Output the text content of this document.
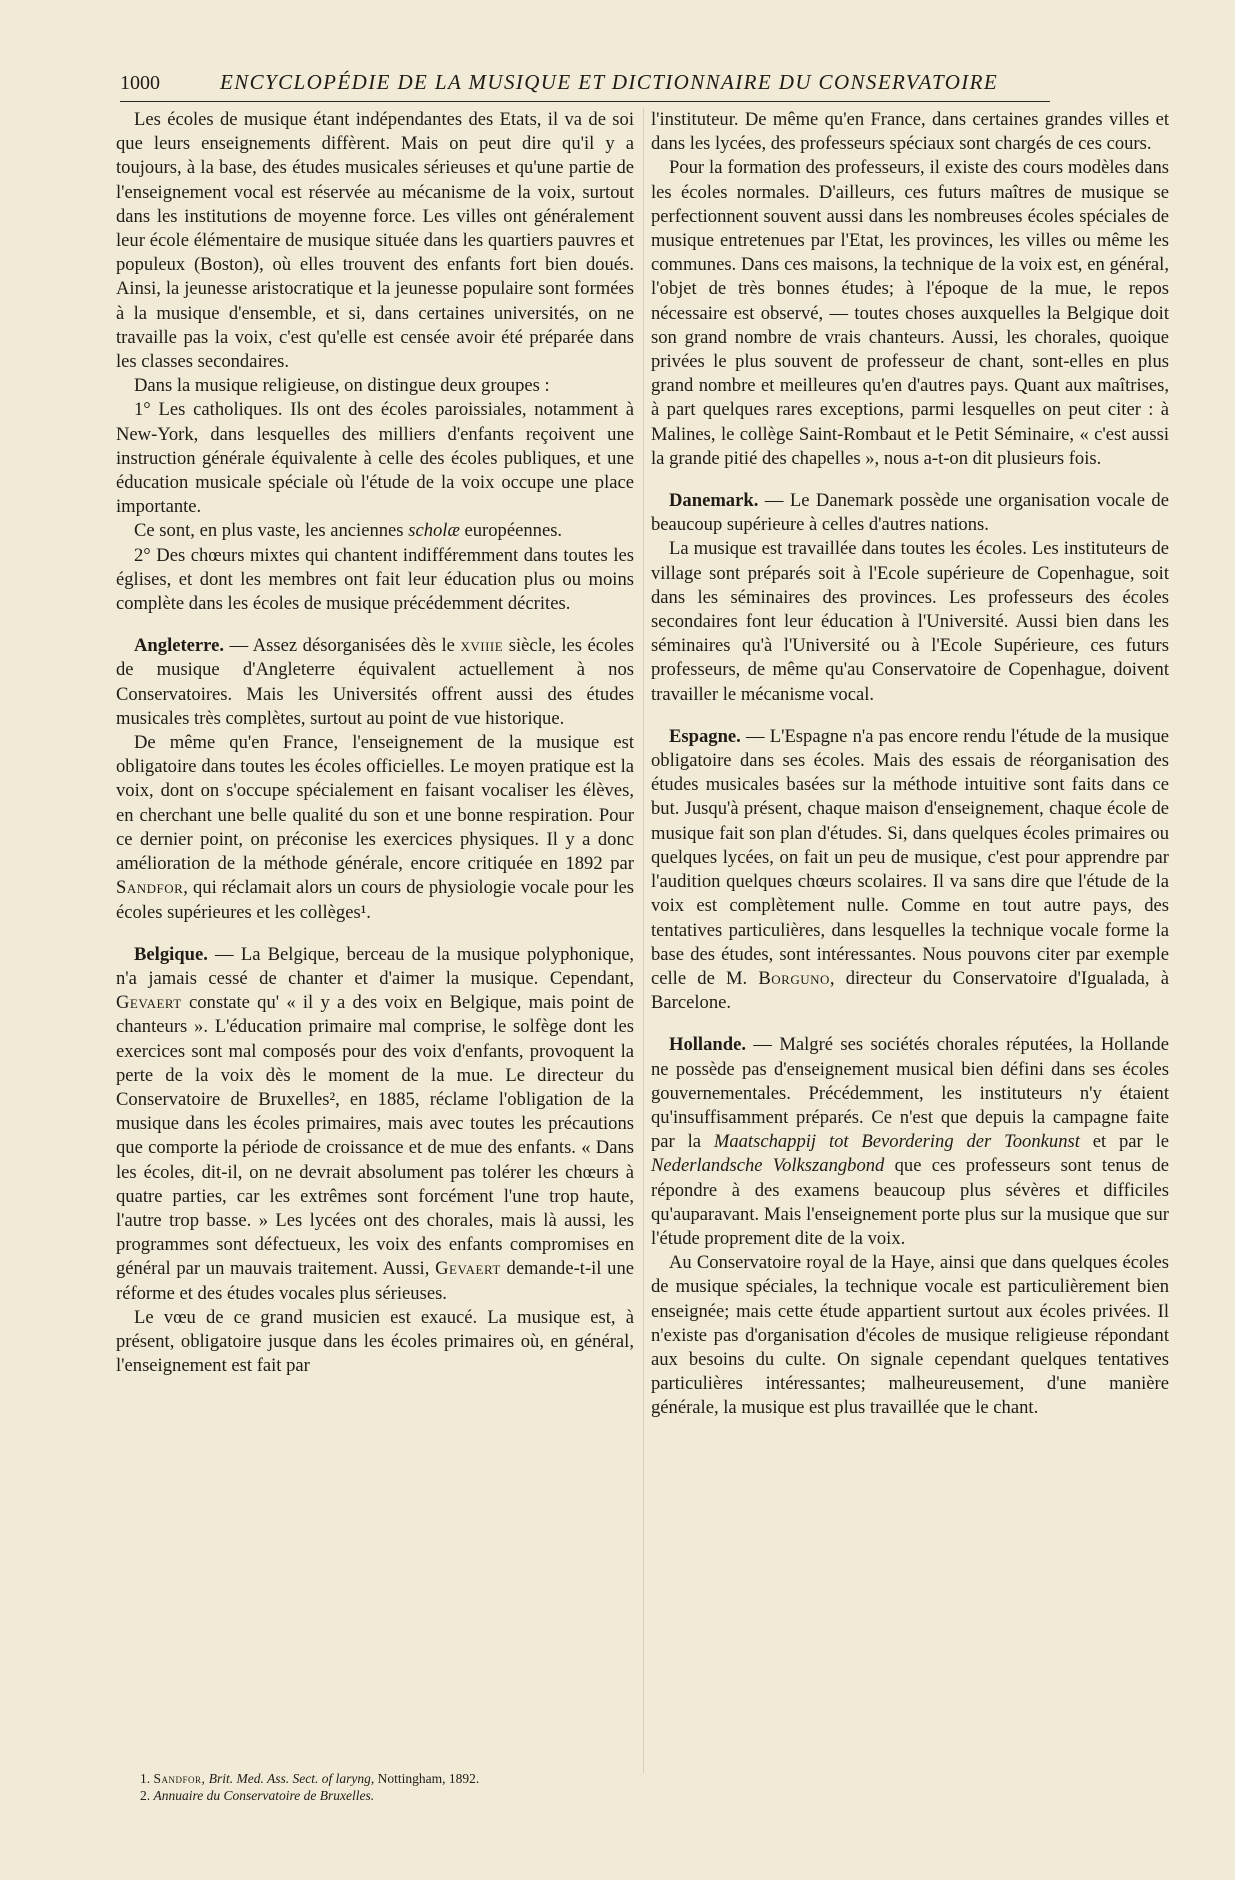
1000	ENCYCLOPÉDIE DE LA MUSIQUE ET DICTIONNAIRE DU CONSERVATOIRE

Les écoles de musique étant indépendantes des Etats, il va de soi que leurs enseignements diffèrent. Mais on peut dire qu'il y a toujours, à la base, des études musicales sérieuses et qu'une partie de l'enseignement vocal est réservée au mécanisme de la voix, surtout dans les institutions de moyenne force. Les villes ont généralement leur école élémentaire de musique située dans les quartiers pauvres et populeux (Boston), où elles trouvent des enfants fort bien doués. Ainsi, la jeunesse aristocratique et la jeunesse populaire sont formées à la musique d'ensemble, et si, dans certaines universités, on ne travaille pas la voix, c'est qu'elle est censée avoir été préparée dans les classes secondaires.

Dans la musique religieuse, on distingue deux groupes :

1° Les catholiques. Ils ont des écoles paroissiales, notamment à New-York, dans lesquelles des milliers d'enfants reçoivent une instruction générale équivalente à celle des écoles publiques, et une éducation musicale spéciale où l'étude de la voix occupe une place importante.

Ce sont, en plus vaste, les anciennes scholæ européennes.

2° Des chœurs mixtes qui chantent indifféremment dans toutes les églises, et dont les membres ont fait leur éducation plus ou moins complète dans les écoles de musique précédemment décrites.

Angleterre. — Assez désorganisées dès le xviiie siècle, les écoles de musique d'Angleterre équivalent actuellement à nos Conservatoires. Mais les Universités offrent aussi des études musicales très complètes, surtout au point de vue historique.

De même qu'en France, l'enseignement de la musique est obligatoire dans toutes les écoles officielles. Le moyen pratique est la voix, dont on s'occupe spécialement en faisant vocaliser les élèves, en cherchant une belle qualité du son et une bonne respiration. Pour ce dernier point, on préconise les exercices physiques. Il y a donc amélioration de la méthode générale, encore critiquée en 1892 par Sandfor, qui réclamait alors un cours de physiologie vocale pour les écoles supérieures et les collèges¹.

Belgique. — La Belgique, berceau de la musique polyphonique, n'a jamais cessé de chanter et d'aimer la musique. Cependant, Gevaert constate qu' « il y a des voix en Belgique, mais point de chanteurs ». L'éducation primaire mal comprise, le solfège dont les exercices sont mal composés pour des voix d'enfants, provoquent la perte de la voix dès le moment de la mue. Le directeur du Conservatoire de Bruxelles², en 1885, réclame l'obligation de la musique dans les écoles primaires, mais avec toutes les précautions que comporte la période de croissance et de mue des enfants. « Dans les écoles, dit-il, on ne devrait absolument pas tolérer les chœurs à quatre parties, car les extrêmes sont forcément l'une trop haute, l'autre trop basse. » Les lycées ont des chorales, mais là aussi, les programmes sont défectueux, les voix des enfants compromises en général par un mauvais traitement. Aussi, Gevaert demande-t-il une réforme et des études vocales plus sérieuses.

Le vœu de ce grand musicien est exaucé. La musique est, à présent, obligatoire jusque dans les écoles primaires où, en général, l'enseignement est fait par

l'instituteur. De même qu'en France, dans certaines grandes villes et dans les lycées, des professeurs spéciaux sont chargés de ces cours.

Pour la formation des professeurs, il existe des cours modèles dans les écoles normales. D'ailleurs, ces futurs maîtres de musique se perfectionnent souvent aussi dans les nombreuses écoles spéciales de musique entretenues par l'Etat, les provinces, les villes ou même les communes. Dans ces maisons, la technique de la voix est, en général, l'objet de très bonnes études; à l'époque de la mue, le repos nécessaire est observé, — toutes choses auxquelles la Belgique doit son grand nombre de vrais chanteurs. Aussi, les chorales, quoique privées le plus souvent de professeur de chant, sont-elles en plus grand nombre et meilleures qu'en d'autres pays. Quant aux maîtrises, à part quelques rares exceptions, parmi lesquelles on peut citer : à Malines, le collège Saint-Rombaut et le Petit Séminaire, « c'est aussi la grande pitié des chapelles », nous a-t-on dit plusieurs fois.

Danemark. — Le Danemark possède une organisation vocale de beaucoup supérieure à celles d'autres nations.

La musique est travaillée dans toutes les écoles. Les instituteurs de village sont préparés soit à l'Ecole supérieure de Copenhague, soit dans les séminaires des provinces. Les professeurs des écoles secondaires font leur éducation à l'Université. Aussi bien dans les séminaires qu'à l'Université ou à l'Ecole Supérieure, ces futurs professeurs, de même qu'au Conservatoire de Copenhague, doivent travailler le mécanisme vocal.

Espagne. — L'Espagne n'a pas encore rendu l'étude de la musique obligatoire dans ses écoles. Mais des essais de réorganisation des études musicales basées sur la méthode intuitive sont faits dans ce but. Jusqu'à présent, chaque maison d'enseignement, chaque école de musique fait son plan d'études. Si, dans quelques écoles primaires ou quelques lycées, on fait un peu de musique, c'est pour apprendre par l'audition quelques chœurs scolaires. Il va sans dire que l'étude de la voix est complètement nulle. Comme en tout autre pays, des tentatives particulières, dans lesquelles la technique vocale forme la base des études, sont intéressantes. Nous pouvons citer par exemple celle de M. Borguno, directeur du Conservatoire d'Igualada, à Barcelone.

Hollande. — Malgré ses sociétés chorales réputées, la Hollande ne possède pas d'enseignement musical bien défini dans ses écoles gouvernementales. Précédemment, les instituteurs n'y étaient qu'insuffisamment préparés. Ce n'est que depuis la campagne faite par la Maatschappij tot Bevordering der Toonkunst et par le Nederlandsche Volkszangbond que ces professeurs sont tenus de répondre à des examens beaucoup plus sévères et difficiles qu'auparavant. Mais l'enseignement porte plus sur la musique que sur l'étude proprement dite de la voix.

Au Conservatoire royal de la Haye, ainsi que dans quelques écoles de musique spéciales, la technique vocale est particulièrement bien enseignée; mais cette étude appartient surtout aux écoles privées. Il n'existe pas d'organisation d'écoles de musique religieuse répondant aux besoins du culte. On signale cependant quelques tentatives particulières intéressantes; malheureusement, d'une manière générale, la musique est plus travaillée que le chant.

1. Sandfor, Brit. Med. Ass. Sect. of laryng, Nottingham, 1892.
2. Annuaire du Conservatoire de Bruxelles.
